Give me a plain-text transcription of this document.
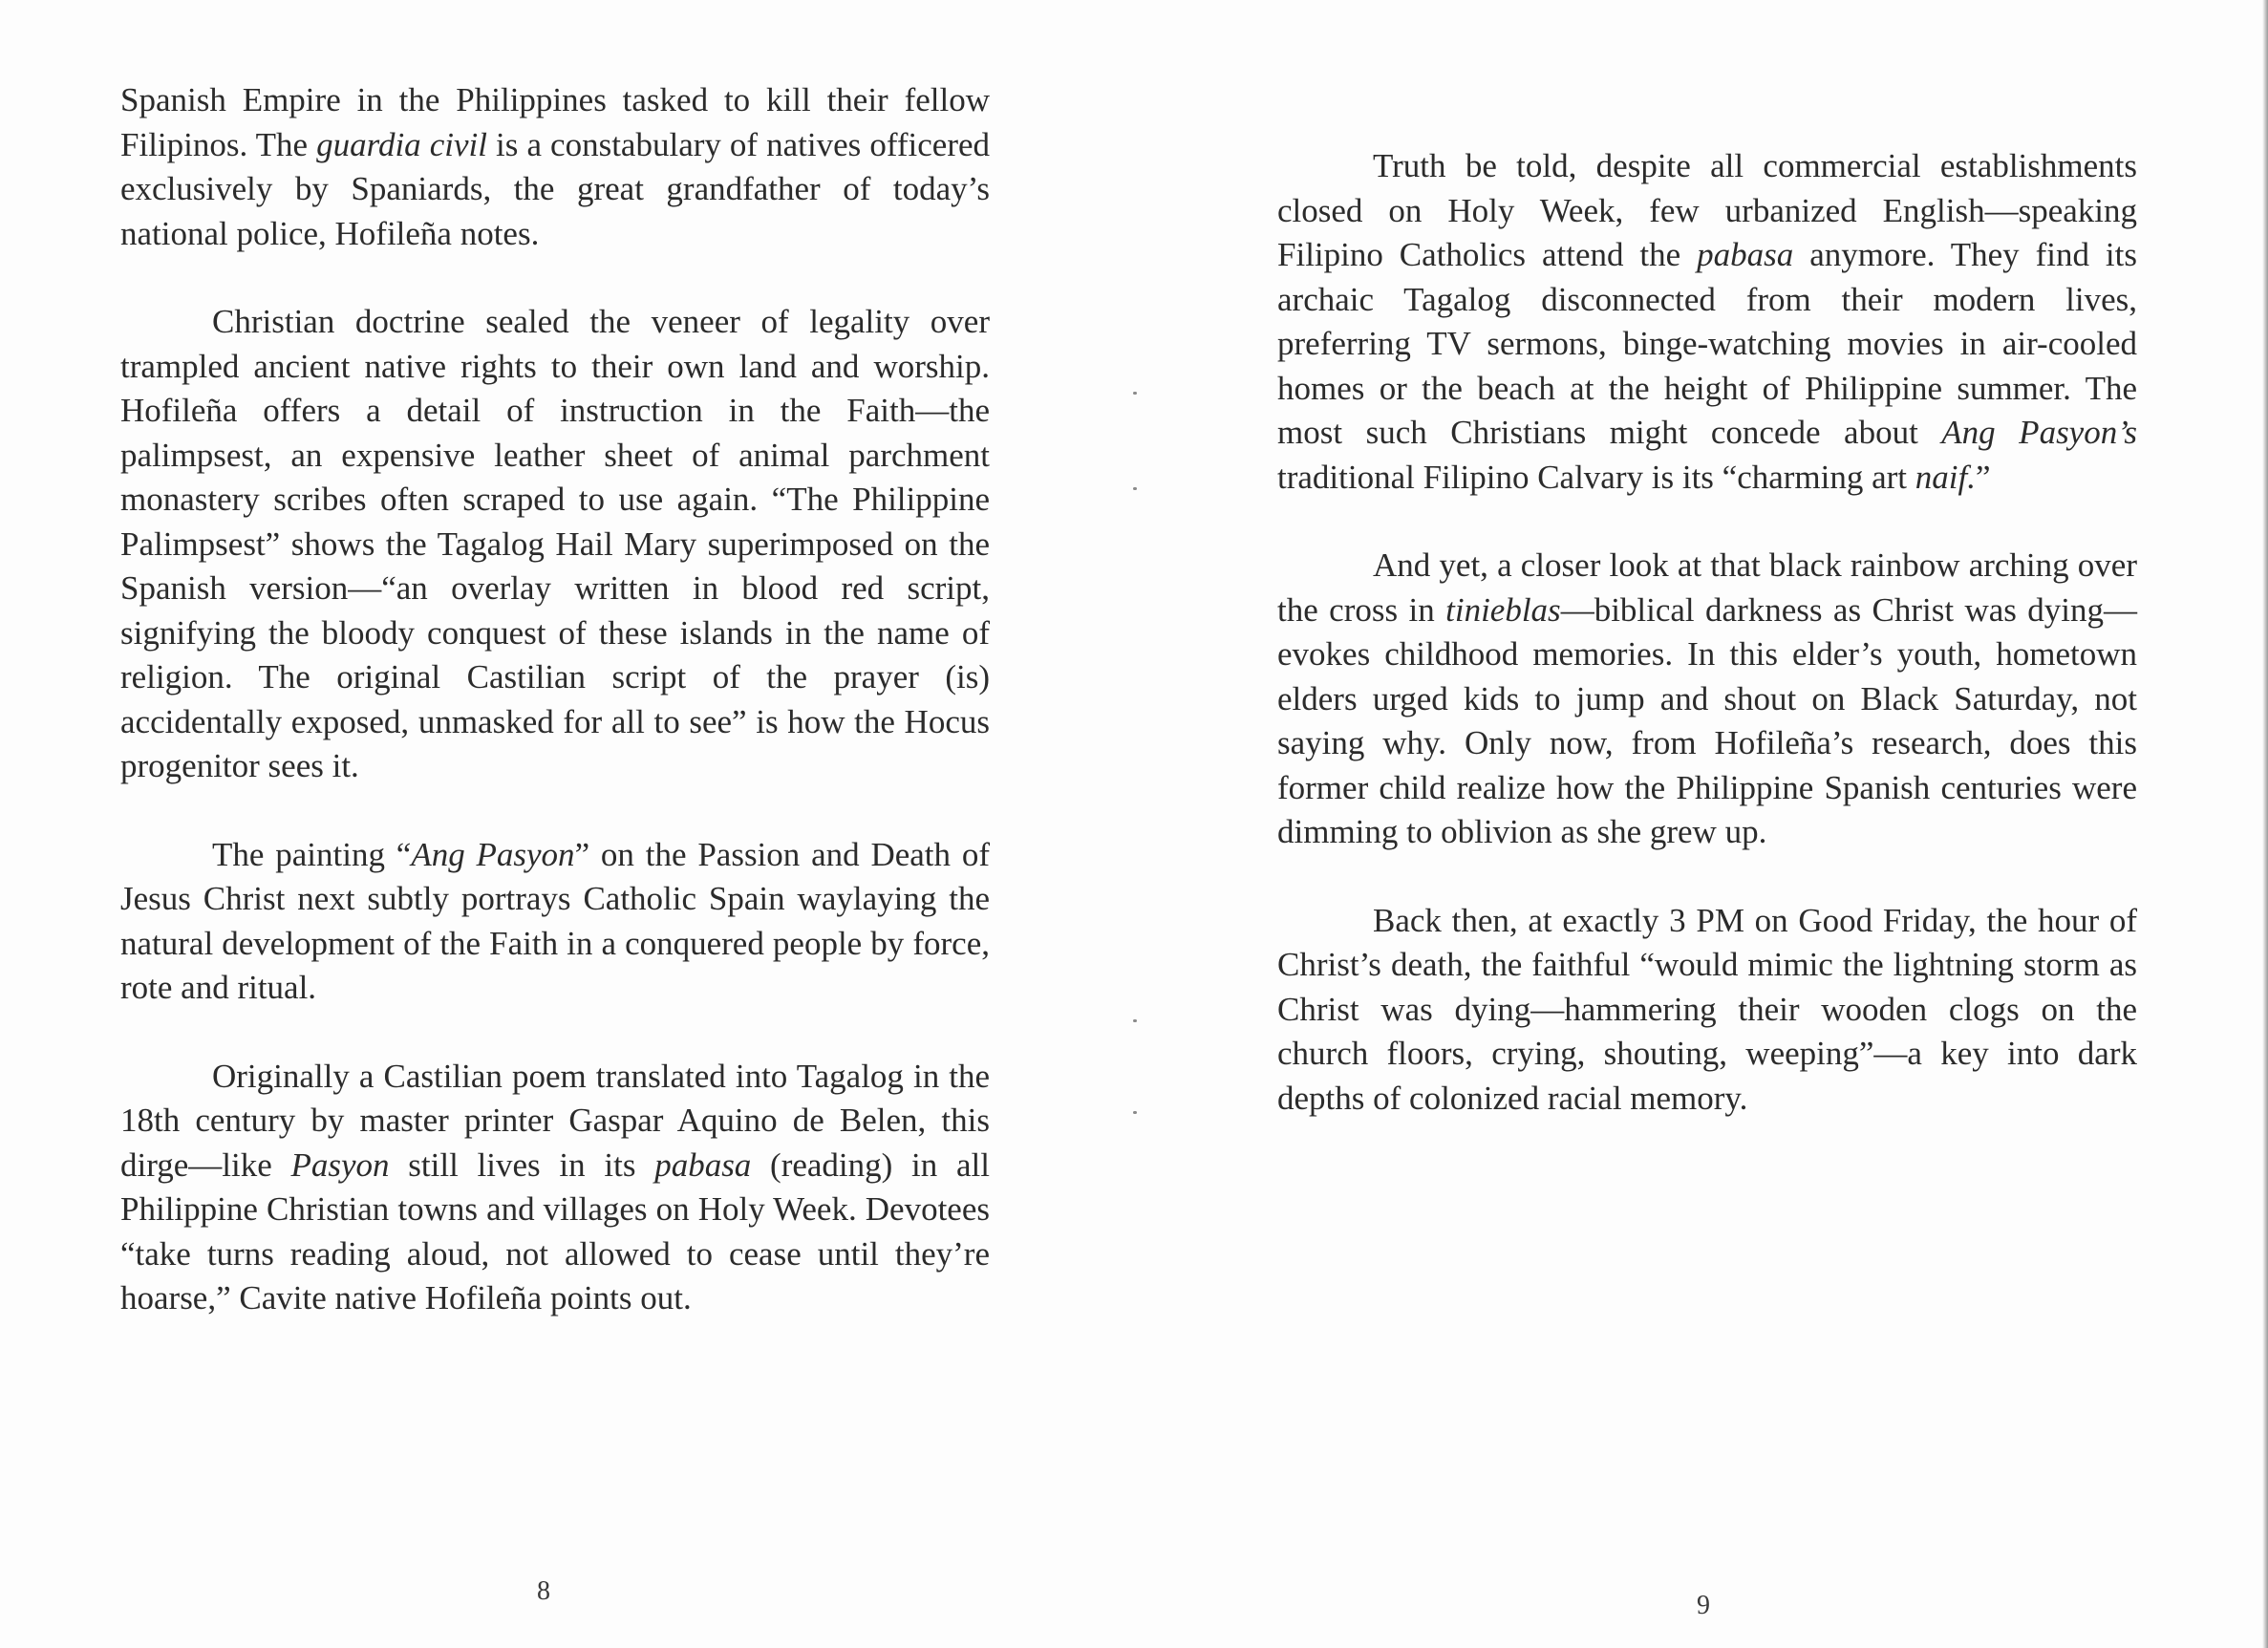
Spanish Empire in the Philippines tasked to kill their fellow Filipinos. The guardia civil is a constabulary of natives officered exclusively by Spaniards, the great grandfather of today’s national police, Hofileña notes.

Christian doctrine sealed the veneer of legality over trampled ancient native rights to their own land and worship. Hofileña offers a detail of instruction in the Faith—the palimpsest, an expensive leather sheet of animal parchment monastery scribes often scraped to use again. “The Philippine Palimpsest” shows the Tagalog Hail Mary superimposed on the Spanish version—“an overlay written in blood red script, signifying the bloody conquest of these islands in the name of religion. The original Castilian script of the prayer (is) accidentally exposed, unmasked for all to see” is how the Hocus progenitor sees it.

The painting “Ang Pasyon” on the Passion and Death of Jesus Christ next subtly portrays Catholic Spain waylaying the natural development of the Faith in a conquered people by force, rote and ritual.

Originally a Castilian poem translated into Tagalog in the 18th century by master printer Gaspar Aquino de Belen, this dirge—like Pasyon still lives in its pabasa (reading) in all Philippine Christian towns and villages on Holy Week. Devotees “take turns reading aloud, not allowed to cease until they’re hoarse,” Cavite native Hofileña points out.

8

Truth be told, despite all commercial establishments closed on Holy Week, few urbanized English—speaking Filipino Catholics attend the pabasa anymore. They find its archaic Tagalog disconnected from their modern lives, preferring TV sermons, binge-watching movies in air-cooled homes or the beach at the height of Philippine summer. The most such Christians might concede about Ang Pasyon’s traditional Filipino Calvary is its “charming art naif.”

And yet, a closer look at that black rainbow arching over the cross in tinieblas—biblical darkness as Christ was dying—evokes childhood memories. In this elder’s youth, hometown elders urged kids to jump and shout on Black Saturday, not saying why. Only now, from Hofileña’s research, does this former child realize how the Philippine Spanish centuries were dimming to oblivion as she grew up.

Back then, at exactly 3 PM on Good Friday, the hour of Christ’s death, the faithful “would mimic the lightning storm as Christ was dying—hammering their wooden clogs on the church floors, crying, shouting, weeping”—a key into dark depths of colonized racial memory.

9
